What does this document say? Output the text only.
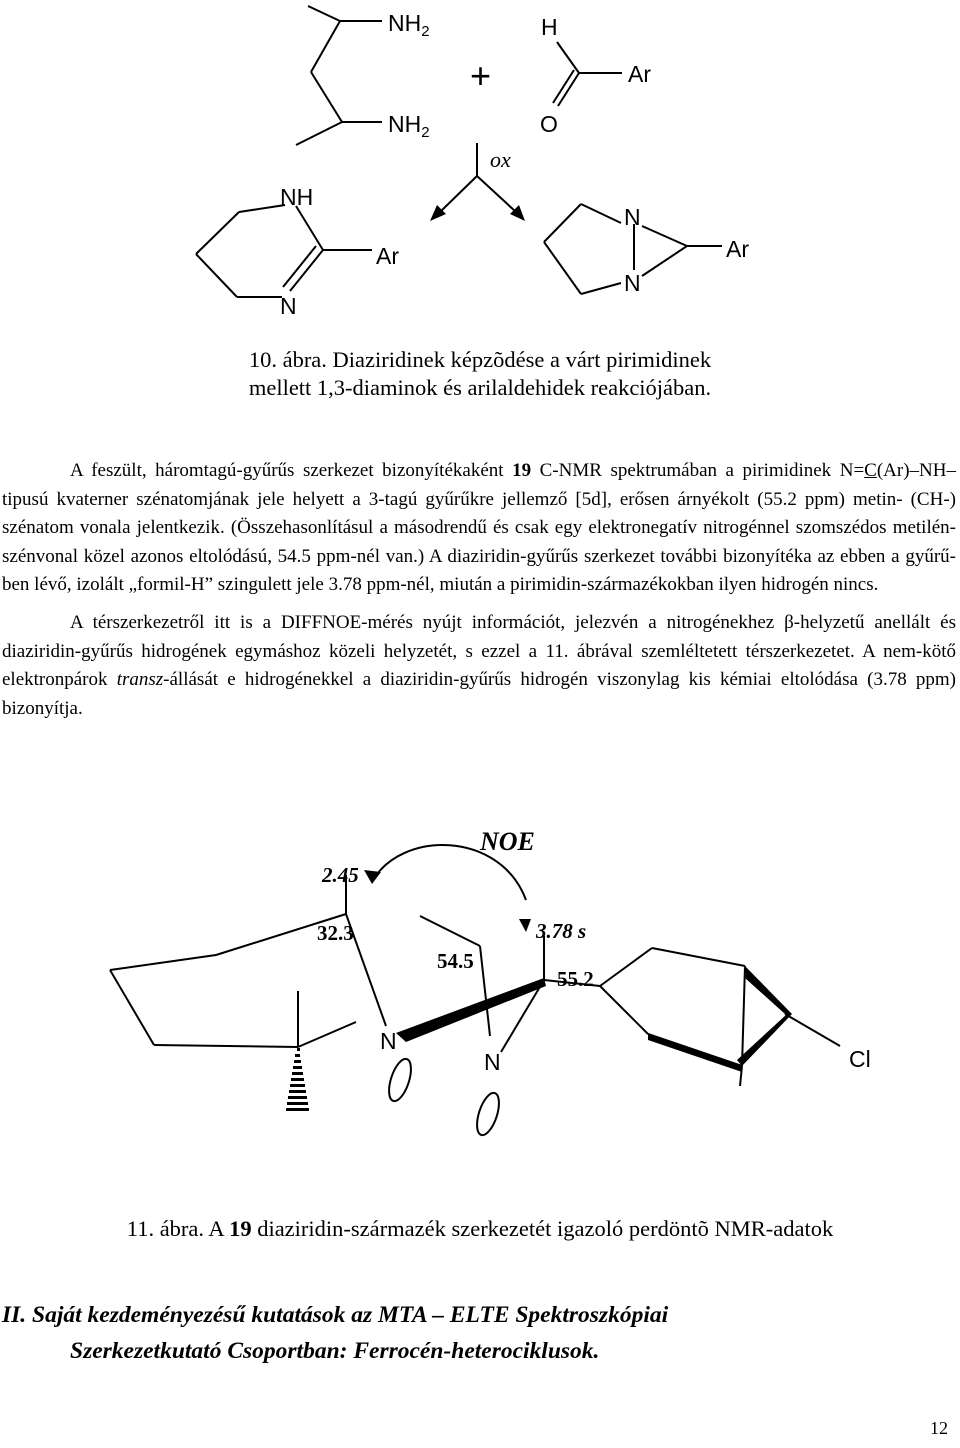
$NH_2$
$NH_2$
+
H
O
Ar
ox
NH
N
Ar
N
N
Ar
10. ábra. Diaziridinek képzõdése a várt pirimidinek
mellett 1,3-diaminok és arilaldehidek reakciójában.

A feszült, háromtagú-gyűrűs szerkezet bizonyítékaként 19 C-NMR spektrumában a pirimidinek N=C(Ar)–NH– tipusú kvaterner szénatomjának jele helyett a 3-tagú gyűrűkre jellemző [5d], erősen árnyékolt (55.2 ppm) metin- (CH-) szénatom vonala jelentkezik. (Összehasonlításul a másodrendű és csak egy elektronegatív nitrogénnel szomszédos metilén-szénvonal közel azonos eltolódású, 54.5 ppm-nél van.) A diaziridin-gyűrűs szerkezet további bizonyítéka az ebben a gyűrű-ben lévő, izolált „formil-H” szingulett jele 3.78 ppm-nél, miután a pirimidin-származékokban ilyen hidrogén nincs.

A térszerkezetről itt is a DIFFNOE-mérés nyújt információt, jelezvén a nitrogénekhez β-helyzetű anellált és diaziridin-gyűrűs hidrogének egymáshoz közeli helyzetét, s ezzel a 11. ábrával szemléltetett térszerkezetet. A nem-kötő elektronpárok transz-állását e hidrogénekkel a diaziridin-gyűrűs hidrogén viszonylag kis kémiai eltolódása (3.78 ppm) bizonyítja.

NOE
2.45
32.3
54.5
3.78 s
55.2
N
N	Cl
11. ábra. A 19 diaziridin-származék szerkezetét igazoló perdöntõ NMR-adatok
II. Saját kezdeményezésű kutatások az MTA – ELTE Spektroszkópiai
Szerkezetkutató Csoportban: Ferrocén-heterociklusok.
12
